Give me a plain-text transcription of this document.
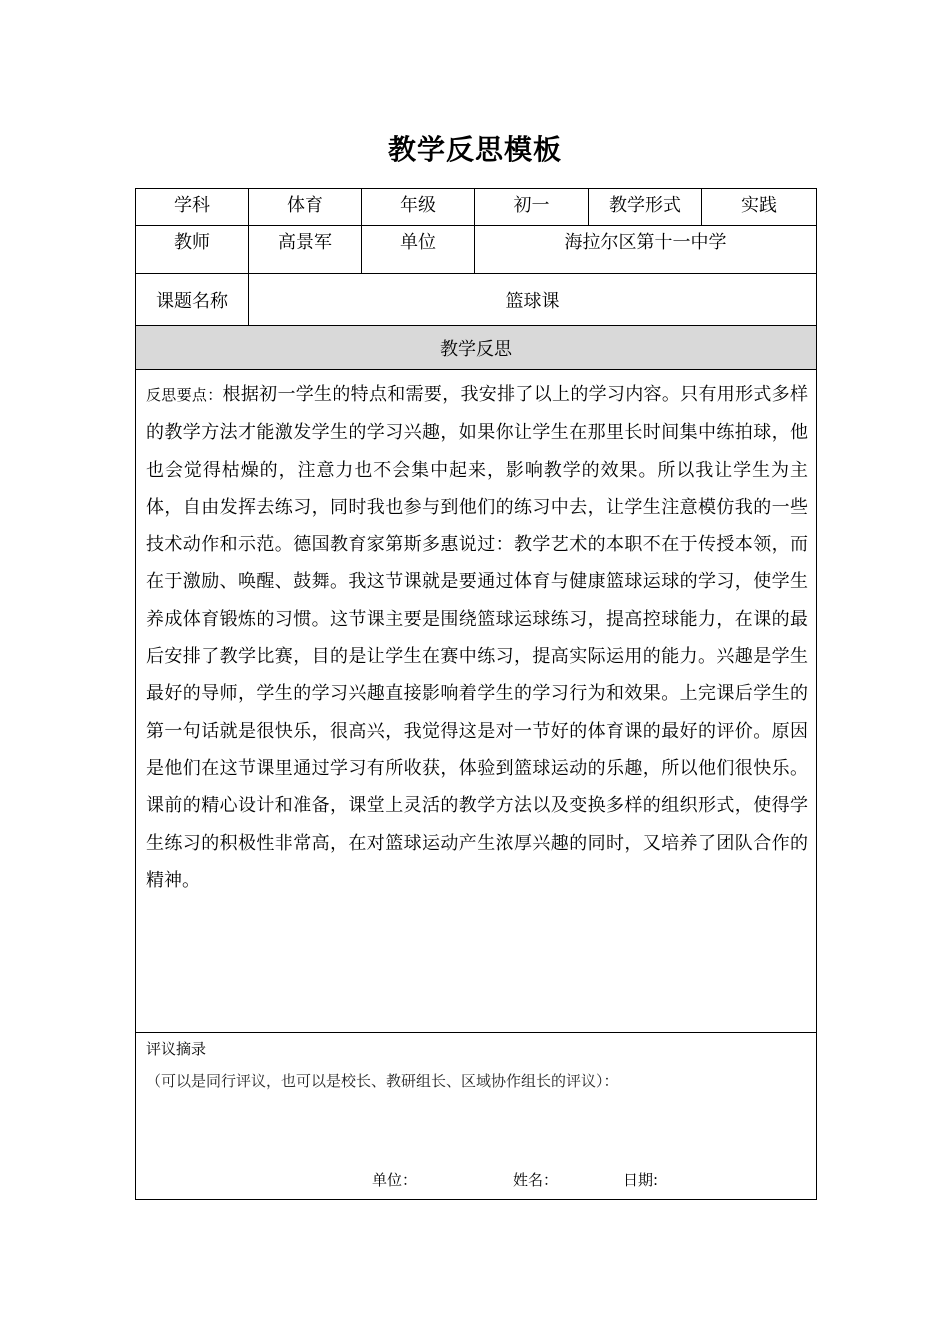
教学反思模板
学科	体育	年级	初一	教学形式	实践

教师	高景军	单位	海拉尔区第十一中学		

课题名称	篮球课				

教学反思					

反思要点：根据初一学生的特点和需要，我安排了以上的学习内容。只有用形式多样的教学方法才能激发学生的学习兴趣，如果你让学生在那里长时间集中练拍球，他也会觉得枯燥的，注意力也不会集中起来，影响教学的效果。所以我让学生为主体，自由发挥去练习，同时我也参与到他们的练习中去，让学生注意模仿我的一些技术动作和示范。德国教育家第斯多惠说过：教学艺术的本职不在于传授本领，而在于激励、唤醒、鼓舞。我这节课就是要通过体育与健康篮球运球的学习，使学生养成体育锻炼的习惯。这节课主要是围绕篮球运球练习，提高控球能力，在课的最后安排了教学比赛，目的是让学生在赛中练习，提高实际运用的能力。兴趣是学生最好的导师，学生的学习兴趣直接影响着学生的学习行为和效果。上完课后学生的第一句话就是很快乐，很高兴，我觉得这是对一节好的体育课的最好的评价。原因是他们在这节课里通过学习有所收获，体验到篮球运动的乐趣，所以他们很快乐。课前的精心设计和准备，课堂上灵活的教学方法以及变换多样的组织形式，使得学生练习的积极性非常高，在对篮球运动产生浓厚兴趣的同时，又培养了团队合作的精神。					

评议摘录
（可以是同行评议，也可以是校长、教研组长、区域协作组长的评议）：
单位： 姓名： 日期:					
